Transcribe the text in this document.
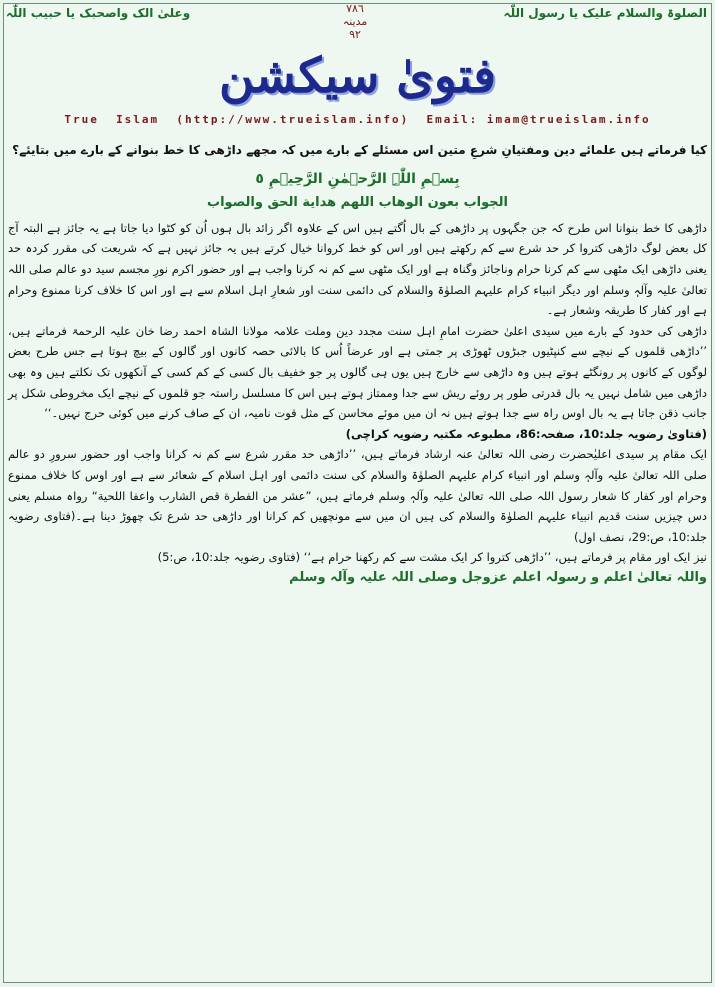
وعلیٰ الک واصحبک یا حبیب اللّٰہ	٧٨٦
مدینہ
٩٢
الصلوۃ والسلام علیک یا رسول اللّٰہ
فتویٰ سیکشن
True  Islam  (http://www.trueislam.info)  Email: imam@trueislam.info
کیا فرماتے ہیں علمائے دین ومفتیانِ شرعِ متین اس مسئلے کے بارے میں کہ مجھے داڑھی کا خط بنوانے کے بارے میں بتایئے؟
بِسۡمِ اللّٰہِ الرَّحۡمٰنِ الرَّحِیۡمِ ٥
الجواب بعون الوهاب اللهم هداية الحق والصواب

داڑھی کا خط بنوانا اس طرح کہ جن جگہوں پر داڑھی کے بال اُگتے ہیں اس کے علاوہ اگر زائد بال ہوں اُن کو کٹوا دیا جاتا ہے یہ جائز ہے البتہ آج کل بعض لوگ داڑھی کتروا کر حد شرع سے کم رکھتے ہیں اور اس کو خط کروانا خیال کرتے ہیں یہ جائز نہیں ہے کہ شریعت کی مقرر کردہ حد یعنی داڑھی ایک مٹھی سے کم کرنا حرام وناجائز وگناہ ہے اور ایک مٹھی سے کم نہ کرنا واجب ہے اور حضور اکرم نورِ مجسم سید دو عالم صلی اللہ تعالیٰ علیہ وآلہٖ وسلم اور دیگر انبیاء کرام علیہم الصلوٰۃ والسلام کی دائمی سنت اور شعارِ اہل اسلام سے ہے اور اس کا خلاف کرنا ممنوع وحرام ہے اور کفار کا طریقہ وشعار ہے۔

داڑھی کی حدود کے بارے میں سیدی اعلیٰ حضرت امامِ اہل سنت مجدد دین وملت علامہ مولانا الشاہ احمد رضا خان علیہ الرحمۃ فرماتے ہیں، ’’داڑھی قلموں کے نیچے سے کنپٹیوں جبڑوں ٹھوڑی پر جمتی ہے اور عرضاً اُس کا بالائی حصہ کانوں اور گالوں کے بیچ ہوتا ہے جس طرح بعض لوگوں کے کانوں پر رونگٹے ہوتے ہیں وہ داڑھی سے خارج ہیں یوں ہی گالوں پر جو خفیف بال کسی کے کم کسی کے آنکھوں تک نکلتے ہیں وہ بھی داڑھی میں شامل نہیں یہ بال قدرتی طور پر روئے ریش سے جدا وممتاز ہوتے ہیں اس کا مسلسل راستہ جو قلموں کے نیچے ایک مخروطی شکل پر جانب ذقن جاتا ہے یہ بال اوس راہ سے جدا ہوتے ہیں نہ ان میں موئے محاسن کے مثل قوت نامیہ، ان کے صاف کرنے میں کوئی حرج نہیں۔‘‘

(فتاویٰ رضویہ جلد:10، صفحہ:86، مطبوعہ مکتبہ رضویہ کراچی)

ایک مقام پر سیدی اعلیٰحضرت رضی اللہ تعالیٰ عنہ ارشاد فرماتے ہیں، ’’داڑھی حد مقرر شرع سے کم نہ کرانا واجب اور حضور سرورِ دو عالم صلی اللہ تعالیٰ علیہ وآلہٖ وسلم اور انبیاء کرام علیہم الصلوٰۃ والسلام کی سنت دائمی اور اہل اسلام کے شعائر سے ہے اور اوس کا خلاف ممنوع وحرام اور کفار کا شعار رسول اللہ صلی اللہ تعالیٰ علیہ وآلہٖ وسلم فرماتے ہیں، ”عشر من الفطرة قص الشارب واعفا اللحية“ رواہ مسلم یعنی دس چیزیں سنت قدیم انبیاء علیہم الصلوٰۃ والسلام کی ہیں ان میں سے مونچھیں کم کرانا اور داڑھی حد شرع تک چھوڑ دینا ہے۔(فتاوی رضویہ جلد:10، ص:29، نصف اول)

نیز ایک اور مقام پر فرماتے ہیں، ’’داڑھی کتروا کر ایک مشت سے کم رکھنا حرام ہے‘‘ (فتاوی رضویہ جلد:10، ص:5)

واللہ تعالیٰ اعلم و رسولہ اعلم عزوجل وصلی اللہ علیہ وآلہ وسلم
